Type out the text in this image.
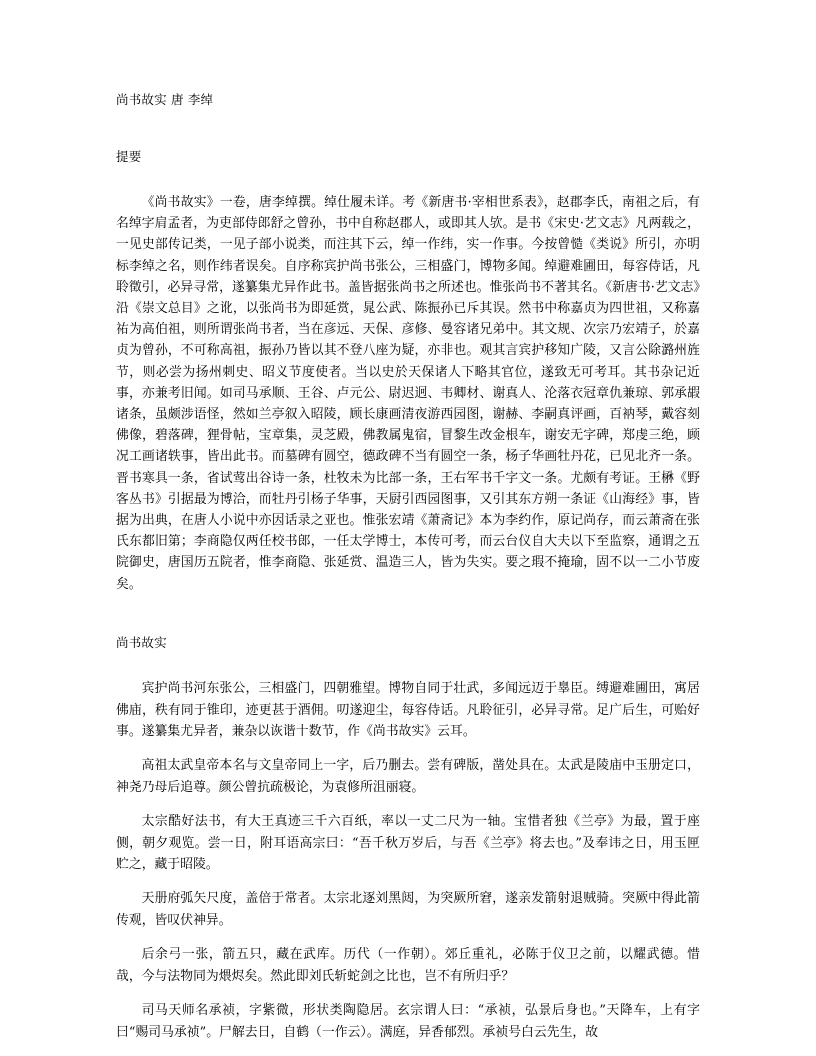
尚书故实 唐 李绰
提要

《尚书故实》一卷，唐李绰撰。绰仕履未详。考《新唐书·宰相世系表》，赵郡李氏，南祖之后，有名绰字肩孟者，为吏部侍郎舒之曾孙，书中自称赵郡人，或即其人欤。是书《宋史·艺文志》凡两载之，一见史部传记类，一见子部小说类，而注其下云，绰一作纬，实一作事。今按曾慥《类说》所引，亦明标李绰之名，则作纬者误矣。自序称宾护尚书张公，三相盛门，博物多闻。绰避难圃田，每容侍话，凡聆徵引，必异寻常，遂纂集尤异作此书。盖皆据张尚书之所述也。惟张尚书不著其名。《新唐书·艺文志》沿《崇文总目》之讹，以张尚书为即延赏，晁公武、陈振孙已斥其误。然书中称嘉贞为四世祖，又称嘉祐为高伯祖，则所谓张尚书者，当在彦远、天保、彦修、曼容诸兄弟中。其文规、次宗乃宏靖子，於嘉贞为曾孙，不可称高祖，振孙乃皆以其不登八座为疑，亦非也。观其言宾护移知广陵，又言公除潞州旌节，则必尝为扬州刺史、昭义节度使者。当以史於天保诸人下略其官位，遂致无可考耳。其书杂记近事，亦兼考旧闻。如司马承顺、王谷、卢元公、尉迟迥、韦卿材、谢真人、沦落衣冠章仇兼琼、郭承嘏诸条，虽颇涉语怪，然如兰亭叙入昭陵，顾长康画清夜游西园图，谢赫、李嗣真评画，百衲琴，戴容刻佛像，碧落碑，狸骨帖，宝章集，灵芝殿，佛教属鬼宿，冒黎生改金根车，谢安无字碑，郑虔三绝，顾况工画诸轶事，皆出此书。而墓碑有圆空，德政碑不当有圆空一条，杨子华画牡丹花，已见北齐一条。晋书寒具一条，省试莺出谷诗一条，杜牧未为比部一条，王右军书千字文一条。尤颇有考证。王楙《野客丛书》引据最为博洽，而牡丹引杨子华事，天厨引西园图事，又引其东方朔一条证《山海经》事，皆据为出典，在唐人小说中亦因话录之亚也。惟张宏靖《萧斋记》本为李约作，原记尚存，而云萧斋在张氏东都旧第；李商隐仅两任校书郎，一任太学博士，本传可考，而云台仪自大夫以下至监察，通谓之五院御史，唐国历五院者，惟李商隐、张延赏、温造三人，皆为失实。要之瑕不掩瑜，固不以一二小节废矣。

尚书故实

宾护尚书河东张公，三相盛门，四朝雅望。博物自同于壮武，多闻远迈于辠臣。缚避难圃田，寓居佛庙，秩有同于锥印，迹更甚于酒佣。叨遂迎尘，每容侍话。凡聆征引，必异寻常。足广后生，可贻好事。遂纂集尤异者，兼杂以诙谐十数节，作《尚书故实》云耳。

高祖太武皇帝本名与文皇帝同上一字，后乃删去。尝有碑版，凿处具在。太武是陵庙中玉册定口，神尧乃母后追尊。颜公曾抗疏极论，为袁修所沮丽寝。

太宗酷好法书，有大王真迹三千六百纸，率以一丈二尺为一轴。宝惜者独《兰亭》为最，置于座侧，朝夕观览。尝一日，附耳语高宗曰：“吾千秋万岁后，与吾《兰亭》将去也。”及奉讳之日，用玉匣贮之，藏于昭陵。

天册府弧矢尺度，盖倍于常者。太宗北逐刘黑闼，为突厥所窘，遂亲发箭射退贼骑。突厥中得此箭传观，皆叹伏神异。

后余弓一张，箭五只，藏在武库。历代（一作朝）。郊丘重礼，必陈于仪卫之前，以耀武德。惜哉，今与法物同为煨烬矣。然此即刘氏斩蛇剑之比也，岂不有所归乎？

司马天师名承祯，字紫微，形状类陶隐居。玄宗谓人曰：“承祯，弘景后身也。”天降车，上有字曰“赐司马承祯”。尸解去日，自鹤（一作云）。满庭，异香郁烈。承祯号白云先生，故
